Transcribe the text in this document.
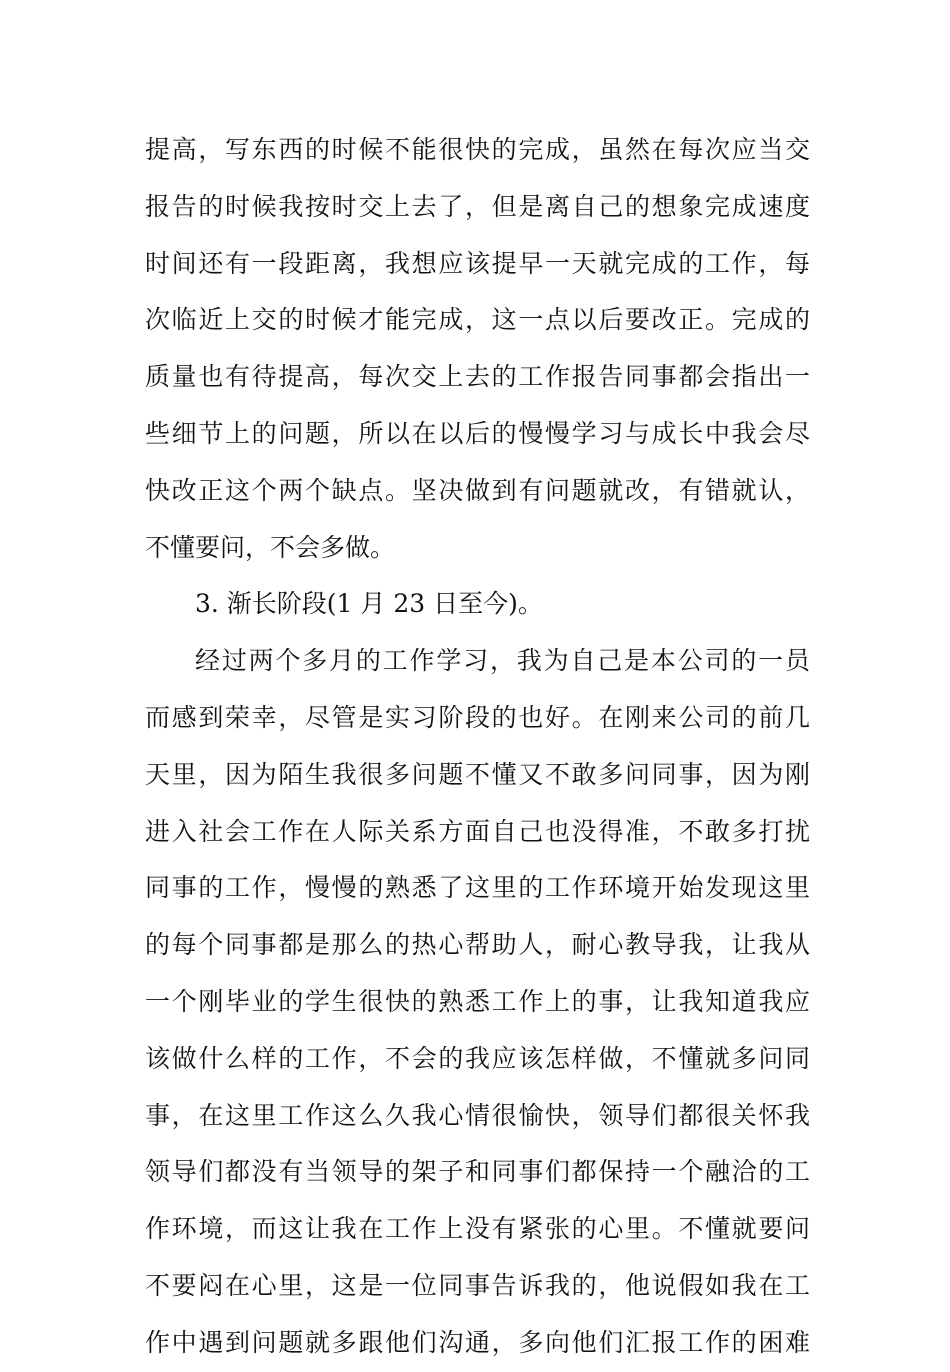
提高，写东西的时候不能很快的完成，虽然在每次应当交
报告的时候我按时交上去了，但是离自己的想象完成速度
时间还有一段距离，我想应该提早一天就完成的工作，每
次临近上交的时候才能完成，这一点以后要改正。完成的
质量也有待提高，每次交上去的工作报告同事都会指出一
些细节上的问题，所以在以后的慢慢学习与成长中我会尽
快改正这个两个缺点。坚决做到有问题就改，有错就认，
不懂要问，不会多做。
3. 渐长阶段(1 月 23 日至今)。
经过两个多月的工作学习，我为自己是本公司的一员
而感到荣幸，尽管是实习阶段的也好。在刚来公司的前几
天里，因为陌生我很多问题不懂又不敢多问同事，因为刚
进入社会工作在人际关系方面自己也没得准，不敢多打扰
同事的工作，慢慢的熟悉了这里的工作环境开始发现这里
的每个同事都是那么的热心帮助人，耐心教导我，让我从
一个刚毕业的学生很快的熟悉工作上的事，让我知道我应
该做什么样的工作，不会的我应该怎样做，不懂就多问同
事，在这里工作这么久我心情很愉快，领导们都很关怀我
领导们都没有当领导的架子和同事们都保持一个融洽的工
作环境，而这让我在工作上没有紧张的心里。不懂就要问
不要闷在心里，这是一位同事告诉我的，他说假如我在工
作中遇到问题就多跟他们沟通，多向他们汇报工作的困难
